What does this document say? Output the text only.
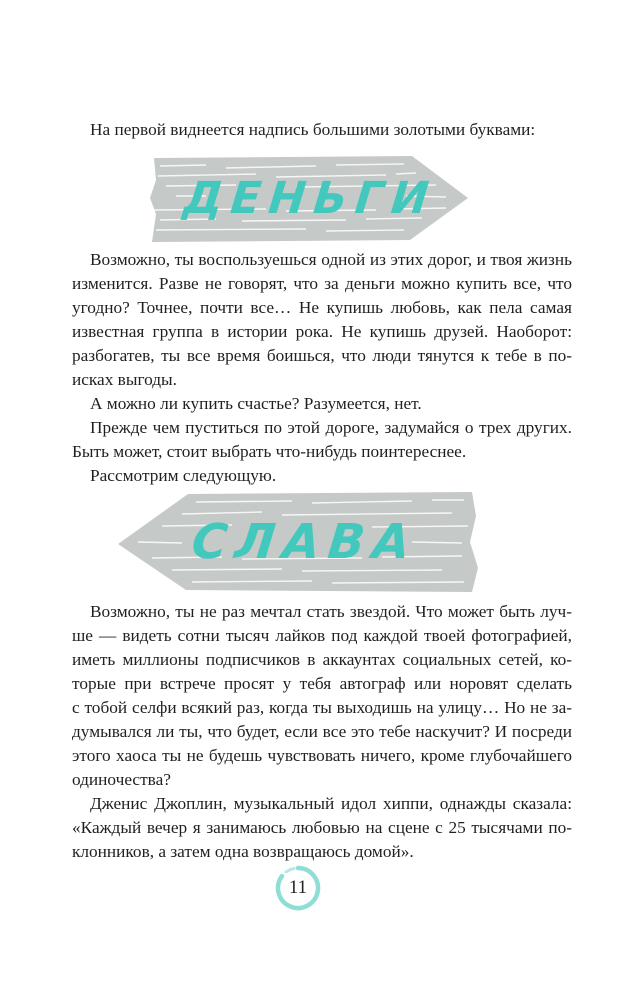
На первой виднеется надпись большими золотыми буквами:
ДЕНЬГИ
Возможно, ты воспользуешься одной из этих дорог, и твоя жизнь
изменится. Разве не говорят, что за деньги можно купить все, что
угодно? Точнее, почти все… Не купишь любовь, как пела самая
известная группа в истории рока. Не купишь друзей. Наоборот:
разбогатев, ты все время боишься, что люди тянутся к тебе в по-
исках выгоды.
А можно ли купить счастье? Разумеется, нет.
Прежде чем пуститься по этой дороге, задумайся о трех других.
Быть может, стоит выбрать что-нибудь поинтереснее.
Рассмотрим следующую.
СЛАВА
Возможно, ты не раз мечтал стать звездой. Что может быть луч-
ше — видеть сотни тысяч лайков под каждой твоей фотографией,
иметь миллионы подписчиков в аккаунтах социальных сетей, ко-
торые при встрече просят у тебя автограф или норовят сделать
с тобой селфи всякий раз, когда ты выходишь на улицу… Но не за-
думывался ли ты, что будет, если все это тебе наскучит? И посреди
этого хаоса ты не будешь чувствовать ничего, кроме глубочайшего
одиночества?
Дженис Джоплин, музыкальный идол хиппи, однажды сказала:
«Каждый вечер я занимаюсь любовью на сцене с 25 тысячами по-
клонников, а затем одна возвращаюсь домой».
11
